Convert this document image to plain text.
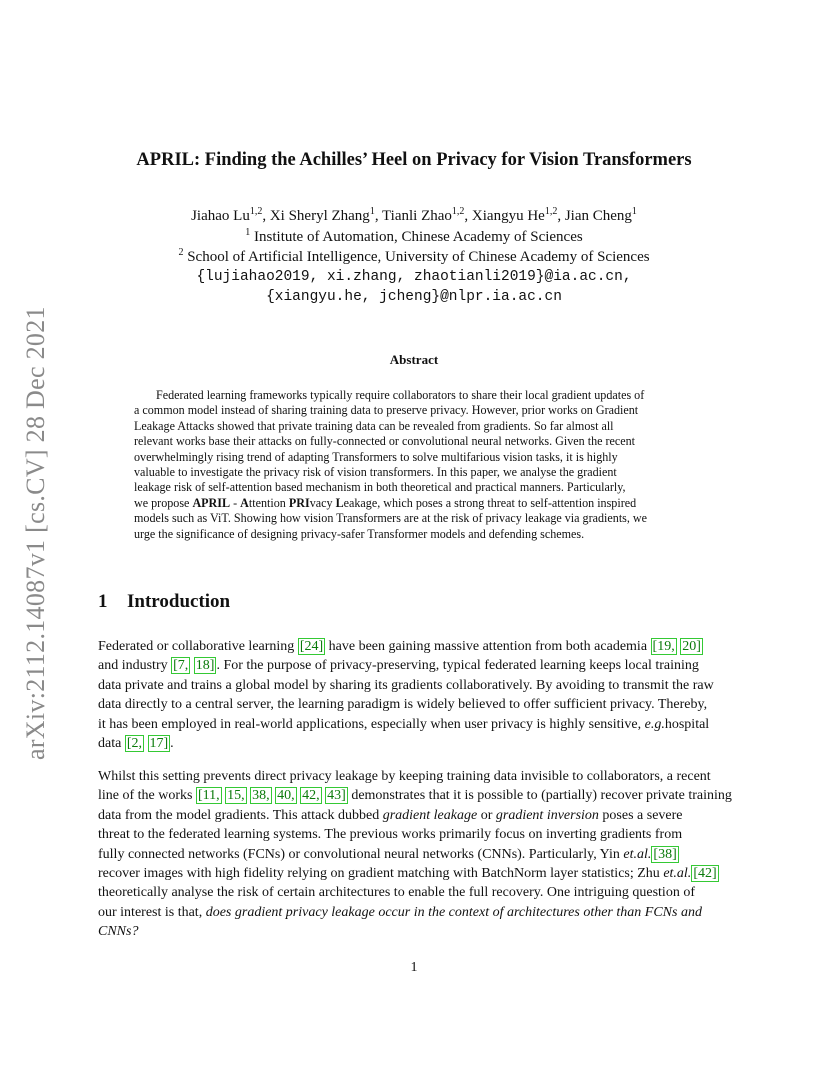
arXiv:2112.14087v1 [cs.CV] 28 Dec 2021
APRIL: Finding the Achilles’ Heel on Privacy for Vision Transformers
Jiahao Lu$^{1,2}$, Xi Sheryl Zhang$^1$, Tianli Zhao$^{1,2}$, Xiangyu He$^{1,2}$, Jian Cheng$^1$
$^1$ Institute of Automation, Chinese Academy of Sciences
$^2$ School of Artificial Intelligence, University of Chinese Academy of Sciences
{lujiahao2019, xi.zhang, zhaotianli2019}@ia.ac.cn,
{xiangyu.he, jcheng}@nlpr.ia.ac.cn
Abstract
Federated learning frameworks typically require collaborators to share their local gradient updates of
a common model instead of sharing training data to preserve privacy. However, prior works on Gradient
Leakage Attacks showed that private training data can be revealed from gradients. So far almost all
relevant works base their attacks on fully-connected or convolutional neural networks. Given the recent
overwhelmingly rising trend of adapting Transformers to solve multifarious vision tasks, it is highly
valuable to investigate the privacy risk of vision transformers. In this paper, we analyse the gradient
leakage risk of self-attention based mechanism in both theoretical and practical manners. Particularly,
we propose APRIL - Attention PRIvacy Leakage, which poses a strong threat to self-attention inspired
models such as ViT. Showing how vision Transformers are at the risk of privacy leakage via gradients, we
urge the significance of designing privacy-safer Transformer models and defending schemes.
1 Introduction
Federated or collaborative learning [24] have been gaining massive attention from both academia [19, 20]
and industry [7, 18] . For the purpose of privacy-preserving, typical federated learning keeps local training
data private and trains a global model by sharing its gradients collaboratively. By avoiding to transmit the raw
data directly to a central server, the learning paradigm is widely believed to offer sufficient privacy. Thereby,
it has been employed in real-world applications, especially when user privacy is highly sensitive, e.g.hospital
data [2, 17] .
Whilst this setting prevents direct privacy leakage by keeping training data invisible to collaborators, a recent
line of the works [11, 15, 38, 40, 42, 43] demonstrates that it is possible to (partially) recover private training
data from the model gradients. This attack dubbed gradient leakage or gradient inversion poses a severe
threat to the federated learning systems. The previous works primarily focus on inverting gradients from
fully connected networks (FCNs) or convolutional neural networks (CNNs). Particularly, Yin et.al. [38]
recover images with high fidelity relying on gradient matching with BatchNorm layer statistics; Zhu et.al. [42]
theoretically analyse the risk of certain architectures to enable the full recovery. One intriguing question of
our interest is that, does gradient privacy leakage occur in the context of architectures other than FCNs and
CNNs?
1
